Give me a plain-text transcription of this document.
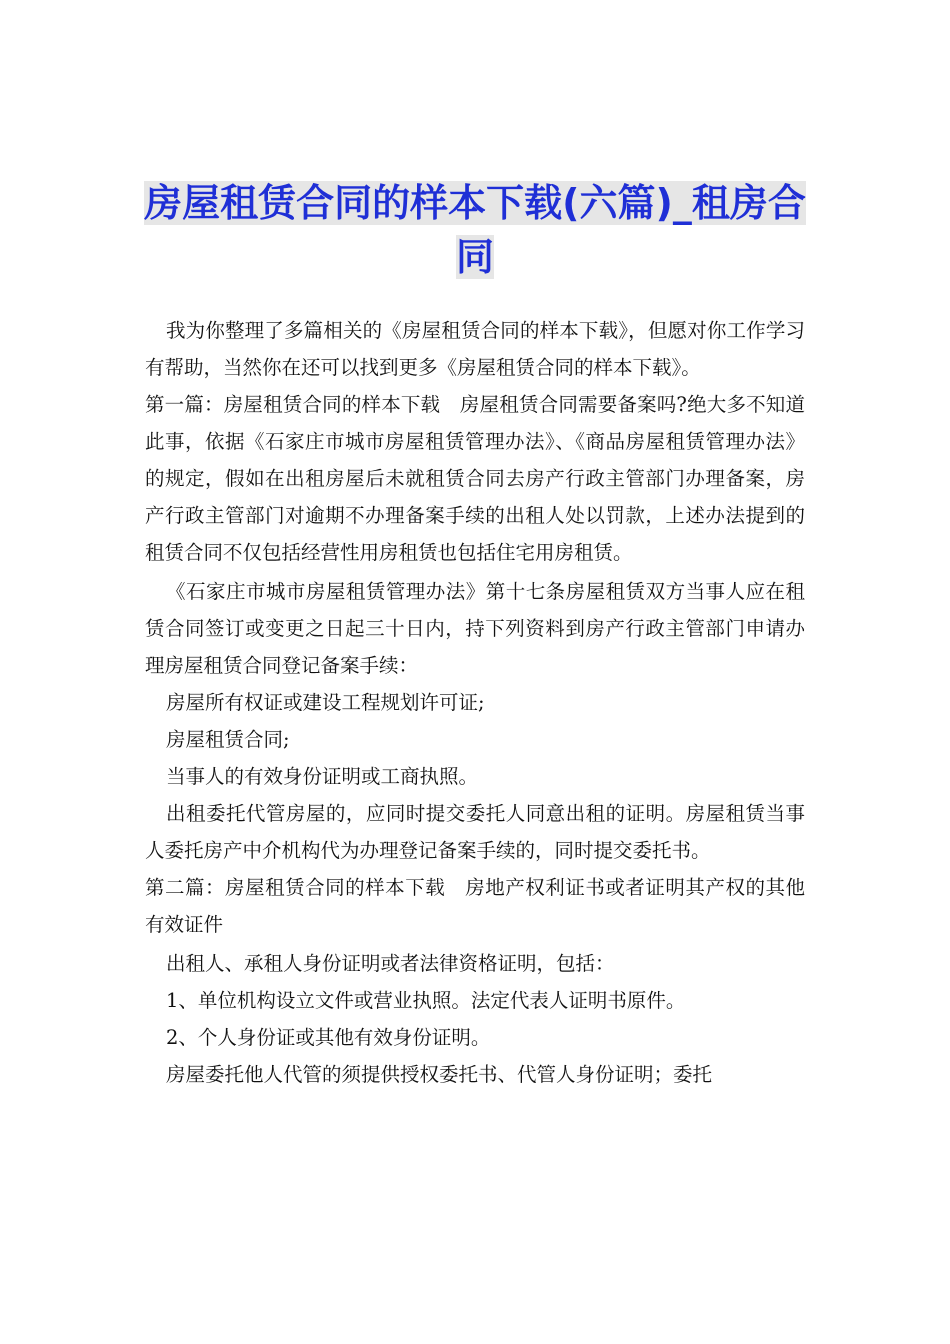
房屋租赁合同的样本下载(六篇)_租房合同

我为你整理了多篇相关的《房屋租赁合同的样本下载》，但愿对你工作学习有帮助，当然你在还可以找到更多《房屋租赁合同的样本下载》。

第一篇：房屋租赁合同的样本下载　房屋租赁合同需要备案吗?绝大多不知道此事，依据《石家庄市城市房屋租赁管理办法》、《商品房屋租赁管理办法》的规定，假如在出租房屋后未就租赁合同去房产行政主管部门办理备案，房产行政主管部门对逾期不办理备案手续的出租人处以罚款，上述办法提到的租赁合同不仅包括经营性用房租赁也包括住宅用房租赁。

《石家庄市城市房屋租赁管理办法》第十七条房屋租赁双方当事人应在租赁合同签订或变更之日起三十日内，持下列资料到房产行政主管部门申请办理房屋租赁合同登记备案手续：

房屋所有权证或建设工程规划许可证;

房屋租赁合同;

当事人的有效身份证明或工商执照。

出租委托代管房屋的，应同时提交委托人同意出租的证明。房屋租赁当事人委托房产中介机构代为办理登记备案手续的，同时提交委托书。

第二篇：房屋租赁合同的样本下载　房地产权利证书或者证明其产权的其他有效证件

出租人、承租人身份证明或者法律资格证明，包括：

1、单位机构设立文件或营业执照。法定代表人证明书原件。

2、个人身份证或其他有效身份证明。

房屋委托他人代管的须提供授权委托书、代管人身份证明；委托
